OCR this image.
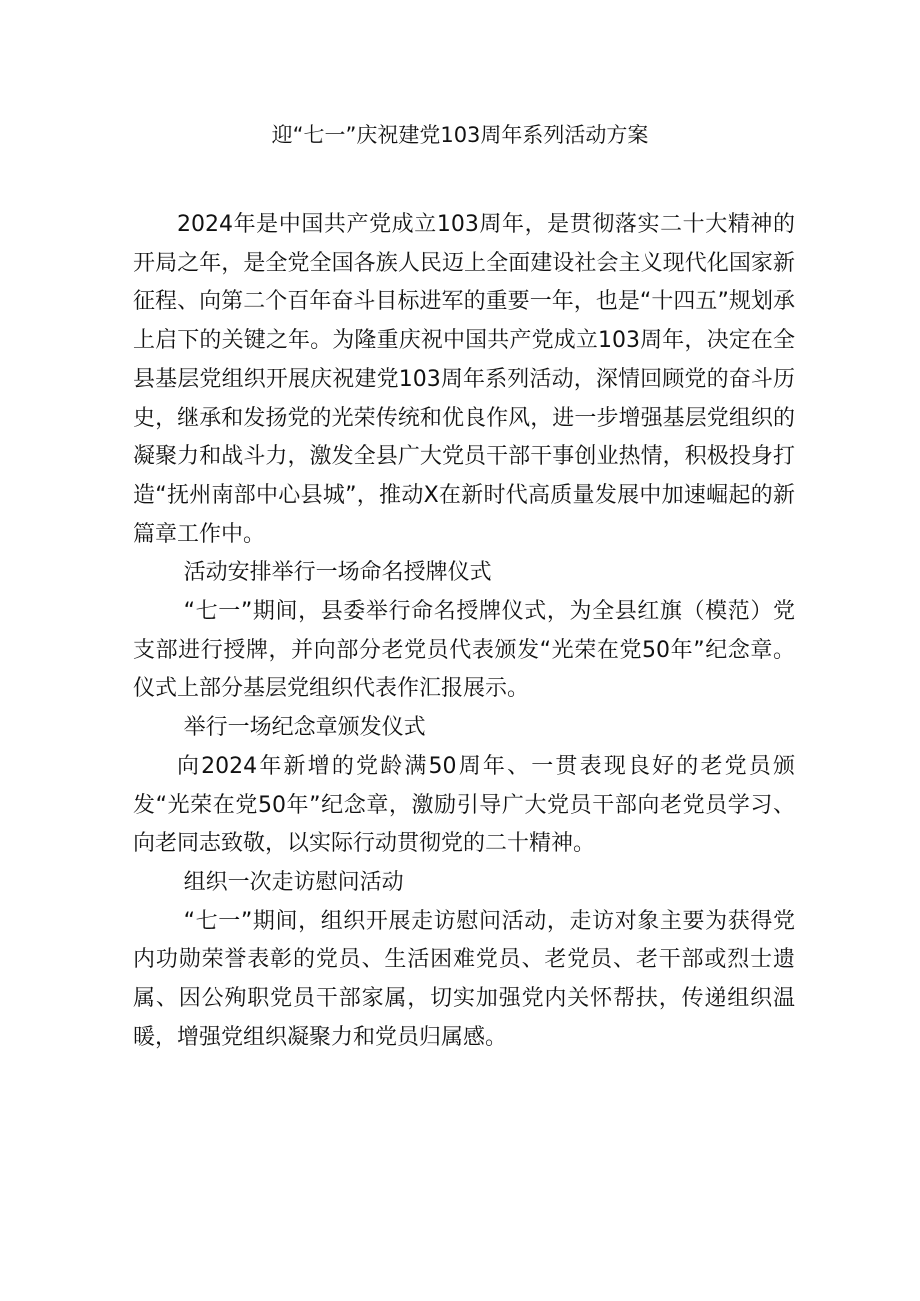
迎“七一”庆祝建党103周年系列活动方案

2024年是中国共产党成立103周年，是贯彻落实二十大精神的开局之年，是全党全国各族人民迈上全面建设社会主义现代化国家新征程、向第二个百年奋斗目标进军的重要一年，也是“十四五”规划承上启下的关键之年。为隆重庆祝中国共产党成立103周年，决定在全县基层党组织开展庆祝建党103周年系列活动，深情回顾党的奋斗历史，继承和发扬党的光荣传统和优良作风，进一步增强基层党组织的凝聚力和战斗力，激发全县广大党员干部干事创业热情，积极投身打造“抚州南部中心县城”，推动X在新时代高质量发展中加速崛起的新篇章工作中。

活动安排举行一场命名授牌仪式

“七一”期间，县委举行命名授牌仪式，为全县红旗（模范）党支部进行授牌，并向部分老党员代表颁发“光荣在党50年”纪念章。仪式上部分基层党组织代表作汇报展示。

举行一场纪念章颁发仪式

向2024年新增的党龄满50周年、一贯表现良好的老党员颁发“光荣在党50年”纪念章，激励引导广大党员干部向老党员学习、向老同志致敬，以实际行动贯彻党的二十精神。

组织一次走访慰问活动

“七一”期间，组织开展走访慰问活动，走访对象主要为获得党内功勋荣誉表彰的党员、生活困难党员、老党员、老干部或烈士遗属、因公殉职党员干部家属，切实加强党内关怀帮扶，传递组织温暖，增强党组织凝聚力和党员归属感。
